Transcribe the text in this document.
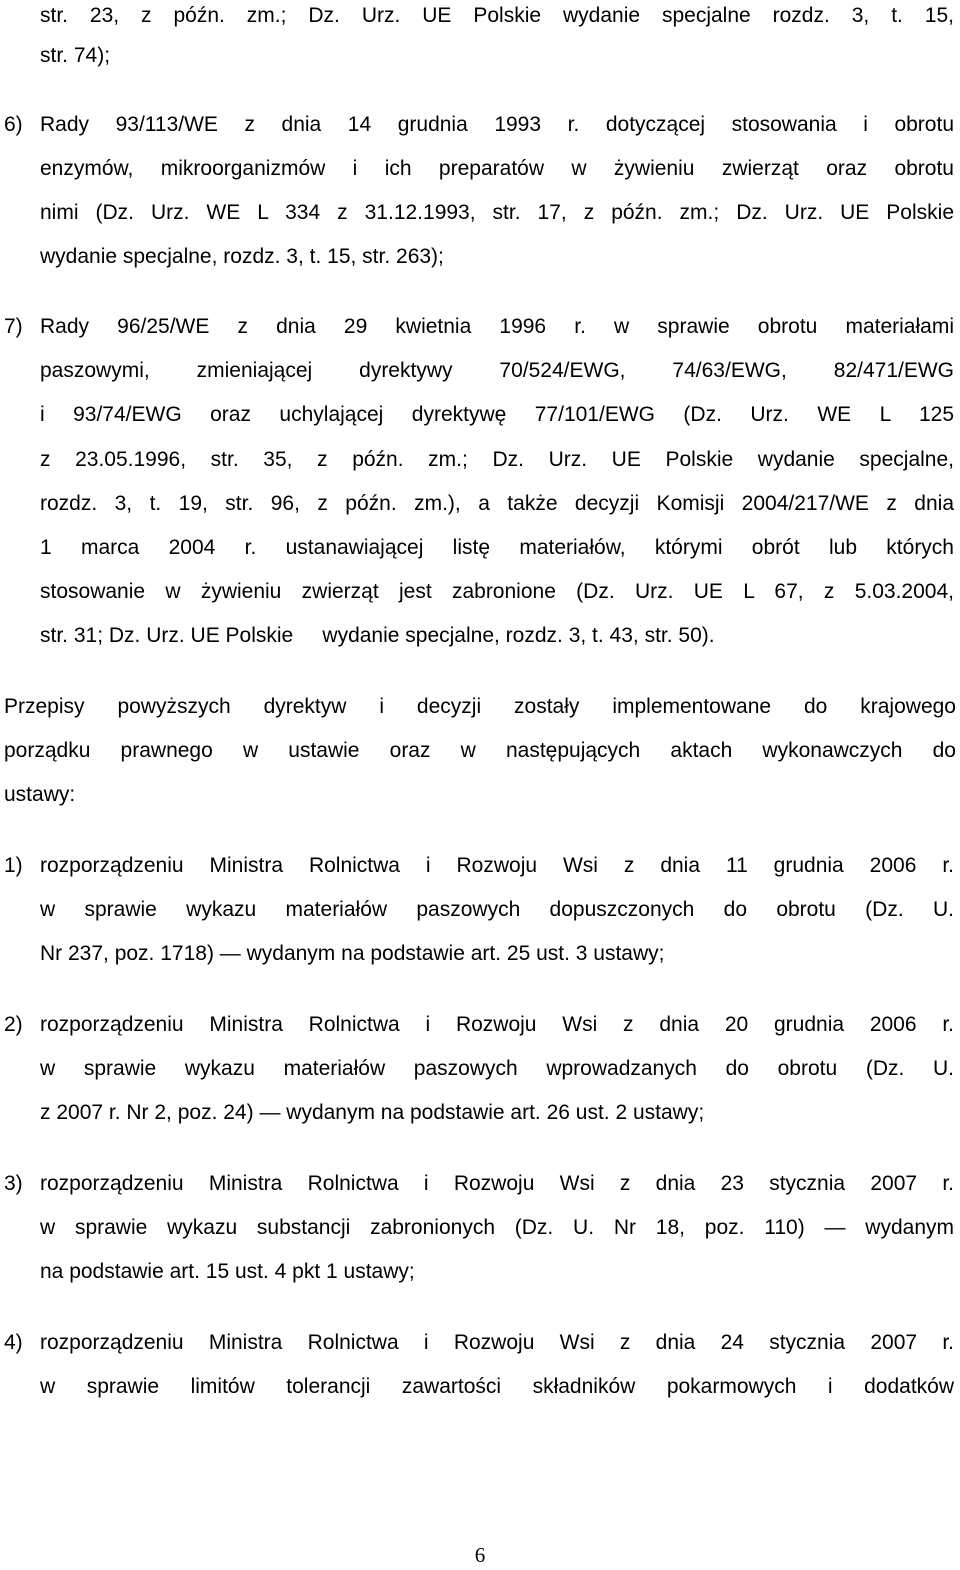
str. 23, z późn. zm.; Dz. Urz. UE Polskie wydanie specjalne rozdz. 3, t. 15,

str. 74);

6) Rady 93/113/WE z dnia 14 grudnia 1993 r. dotyczącej stosowania i obrotu

enzymów, mikroorganizmów i ich preparatów w żywieniu zwierząt oraz obrotu

nimi (Dz. Urz. WE L 334 z 31.12.1993, str. 17, z późn. zm.; Dz. Urz. UE Polskie

wydanie specjalne, rozdz. 3, t. 15, str. 263);

7) Rady 96/25/WE z dnia 29 kwietnia 1996 r. w sprawie obrotu materiałami

paszowymi, zmieniającej dyrektywy 70/524/EWG, 74/63/EWG, 82/471/EWG

i 93/74/EWG oraz uchylającej dyrektywę 77/101/EWG (Dz. Urz. WE L 125

z 23.05.1996, str. 35, z późn. zm.; Dz. Urz. UE Polskie wydanie specjalne,

rozdz. 3, t. 19, str. 96, z późn. zm.), a także decyzji Komisji 2004/217/WE z dnia

1 marca 2004 r. ustanawiającej listę materiałów, którymi obrót lub których

stosowanie w żywieniu zwierząt jest zabronione (Dz. Urz. UE L 67, z 5.03.2004,

str. 31; Dz. Urz. UE Polskie     wydanie specjalne, rozdz. 3, t. 43, str. 50).

Przepisy powyższych dyrektyw i decyzji zostały implementowane do krajowego

porządku prawnego w ustawie oraz w następujących aktach wykonawczych do

ustawy:

1) rozporządzeniu Ministra Rolnictwa i Rozwoju Wsi z dnia 11 grudnia 2006 r.

w sprawie wykazu materiałów paszowych dopuszczonych do obrotu (Dz. U.

Nr 237, poz. 1718) — wydanym na podstawie art. 25 ust. 3 ustawy;

2) rozporządzeniu Ministra Rolnictwa i Rozwoju Wsi z dnia 20 grudnia 2006 r.

w sprawie wykazu materiałów paszowych wprowadzanych do obrotu (Dz. U.

z 2007 r. Nr 2, poz. 24) — wydanym na podstawie art. 26 ust. 2 ustawy;

3) rozporządzeniu Ministra Rolnictwa i Rozwoju Wsi z dnia 23 stycznia 2007 r.

w sprawie wykazu substancji zabronionych (Dz. U. Nr 18, poz. 110) — wydanym

na podstawie art. 15 ust. 4 pkt 1 ustawy;

4) rozporządzeniu Ministra Rolnictwa i Rozwoju Wsi z dnia 24 stycznia 2007 r.

w sprawie limitów tolerancji zawartości składników pokarmowych i dodatków

6
